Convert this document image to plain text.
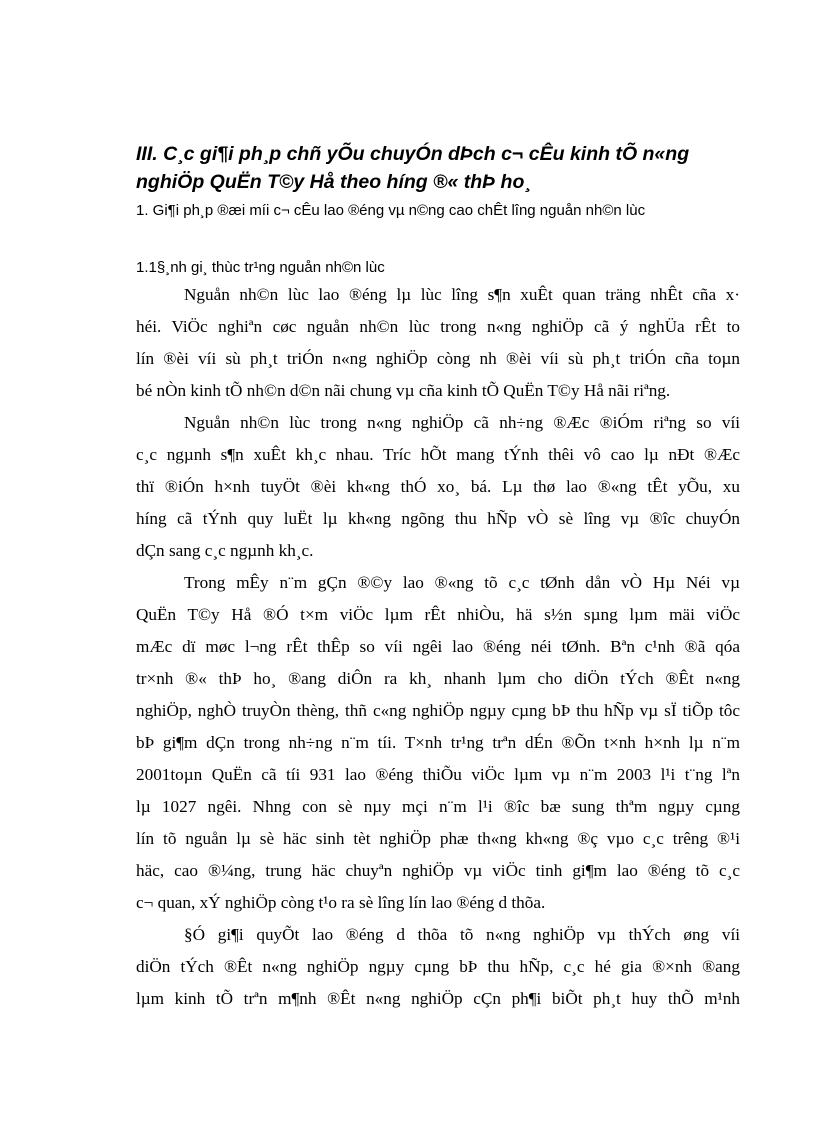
III. C¸c gi¶i ph¸p chñ yÕu chuyÓn dÞch c¬ cÊu kinh tÕ n«ng nghiÖp QuËn T©y Hå theo híng ®« thÞ ho¸
1. Gi¶i ph¸p ®æi míi c¬ cÊu lao ®éng vµ n©ng cao chÊt lîng nguån nh©n lùc
1.1§¸nh gi¸ thùc tr¹ng nguån nh©n lùc
Nguån nh©n lùc lao ®éng lµ lùc lîng s¶n xuÊt quan träng nhÊt cña x·
héi. ViÖc nghiªn cøc nguån nh©n lùc trong n«ng nghiÖp cã ý nghÜa rÊt to
lín ®èi víi sù ph¸t triÓn n«ng nghiÖp còng nh ®èi víi sù ph¸t triÓn cña toµn
bé nÒn kinh tÕ nh©n d©n nãi chung vµ cña kinh tÕ QuËn T©y Hå nãi riªng.
Nguån nh©n lùc trong n«ng nghiÖp cã nh÷ng ®Æc ®iÓm riªng so víi
c¸c ngµnh s¶n xuÊt kh¸c nhau. Tríc hÕt mang tÝnh thêi vô cao lµ nÐt ®Æc
thï ®iÓn h×nh tuyÖt ®èi kh«ng thÓ xo¸ bá. Lµ thø lao ®«ng tÊt yÕu, xu
híng cã tÝnh quy luËt lµ kh«ng ngõng thu hÑp vÒ sè lîng vµ ®îc chuyÓn
dÇn sang c¸c ngµnh kh¸c.
Trong mÊy n¨m gÇn ®©y lao ®«ng tõ c¸c tØnh dån vÒ Hµ Néi vµ
QuËn T©y Hå ®Ó t×m viÖc lµm rÊt nhiÒu, hä s½n sµng lµm mäi viÖc
mÆc dï møc l¬ng rÊt thÊp so víi ngêi lao ®éng néi tØnh. Bªn c¹nh ®ã qóa
tr×nh ®« thÞ ho¸ ®ang diÔn ra kh¸ nhanh lµm cho diÖn tÝch ®Êt n«ng
nghiÖp, nghÒ truyÒn thèng, thñ c«ng nghiÖp ngµy cµng bÞ thu hÑp vµ sÏ tiÕp tôc
bÞ gi¶m dÇn trong nh÷ng n¨m tíi. T×nh tr¹ng trªn dÉn ®Õn t×nh h×nh lµ n¨m
2001toµn QuËn cã tíi 931 lao ®éng thiÕu viÖc lµm vµ n¨m 2003 l¹i t¨ng lªn
lµ 1027 ngêi. Nhng con sè nµy mçi n¨m l¹i ®îc bæ sung thªm ngµy cµng
lín tõ nguån lµ sè häc sinh tèt nghiÖp phæ th«ng kh«ng ®ç vµo c¸c trêng ®¹i
häc, cao ®¼ng, trung häc chuyªn nghiÖp vµ viÖc tinh gi¶m lao ®éng tõ c¸c
c¬ quan, xÝ nghiÖp còng t¹o ra sè lîng lín lao ®éng d thõa.
§Ó gi¶i quyÕt lao ®éng d thõa tõ n«ng nghiÖp vµ thÝch øng víi
diÖn tÝch ®Êt n«ng nghiÖp ngµy cµng bÞ thu hÑp, c¸c hé gia ®×nh ®ang
lµm kinh tÕ trªn m¶nh ®Êt n«ng nghiÖp cÇn ph¶i biÕt ph¸t huy thÕ m¹nh
